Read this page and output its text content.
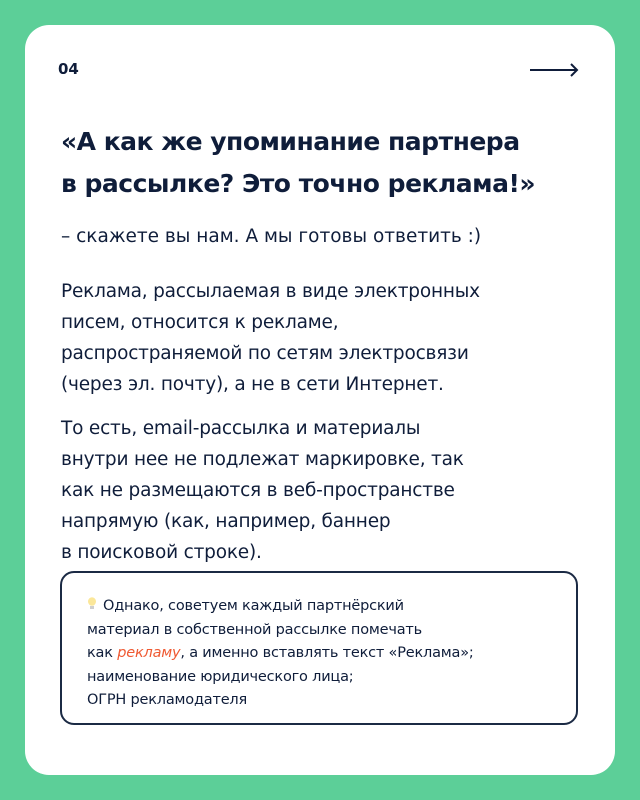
04
«А как же упоминание партнера
в рассылке? Это точно реклама!»
– скажете вы нам. А мы готовы ответить :)
Реклама, рассылаемая в виде электронных
писем, относится к рекламе,
распространяемой по сетям электросвязи
(через эл. почту), а не в сети Интернет.
То есть, email-рассылка и материалы
внутри нее не подлежат маркировке, так
как не размещаются в веб-пространстве
напрямую (как, например, баннер
в поисковой строке).
Однако, советуем каждый партнёрский
материал в собственной рассылке помечать
как рекламу, а именно вставлять текст «Реклама»;
наименование юридического лица;
ОГРН рекламодателя
